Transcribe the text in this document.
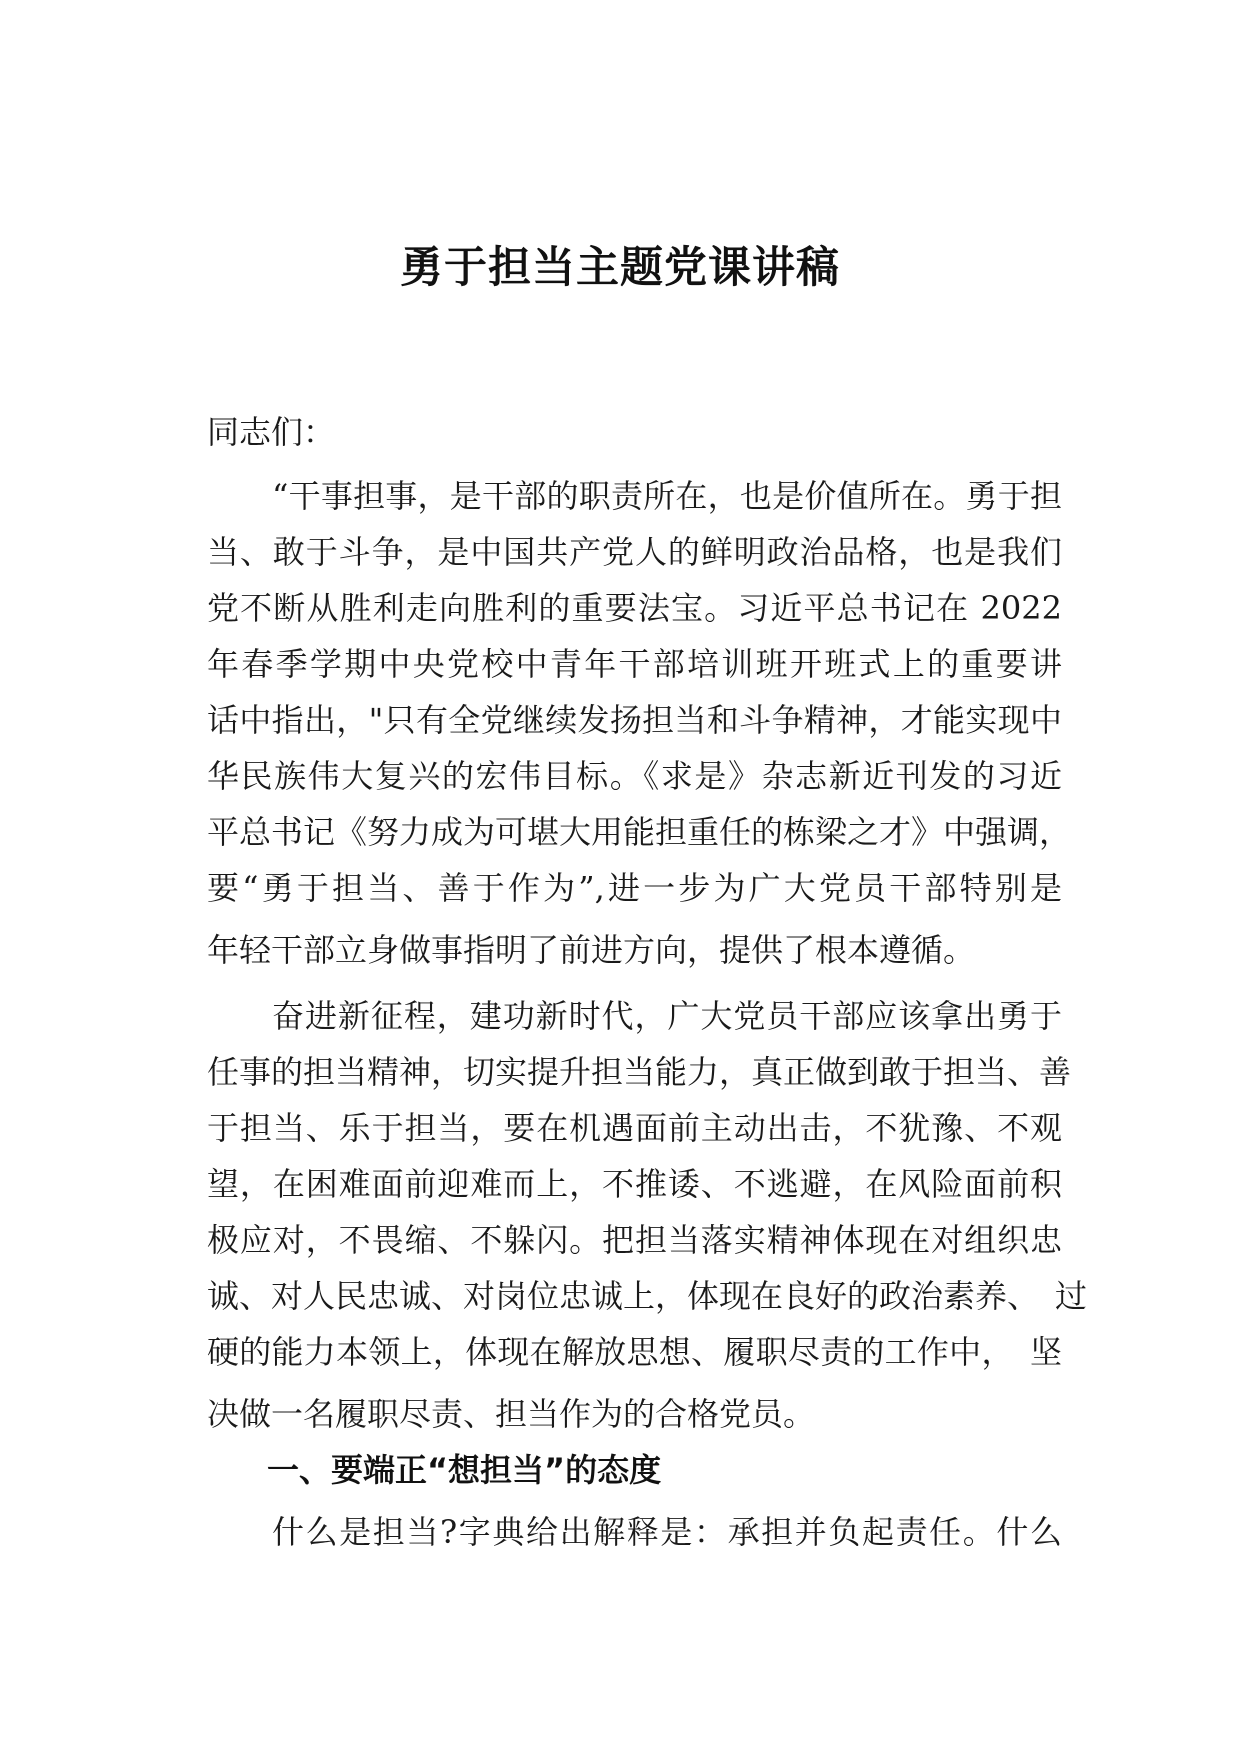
勇于担当主题党课讲稿
同志们：
“干事担事，是干部的职责所在，也是价值所在。勇于担
当、敢于斗争，是中国共产党人的鲜明政治品格，也是我们
党不断从胜利走向胜利的重要法宝。习近平总书记在 2022
年春季学期中央党校中青年干部培训班开班式上的重要讲
话中指出，"只有全党继续发扬担当和斗争精神，才能实现中
华民族伟大复兴的宏伟目标。《求是》杂志新近刊发的习近
平总书记《努力成为可堪大用能担重任的栋梁之才》中强调，
要“勇于担当、善于作为”,进一步为广大党员干部特别是
年轻干部立身做事指明了前进方向，提供了根本遵循。
奋进新征程，建功新时代，广大党员干部应该拿出勇于
任事的担当精神，切实提升担当能力，真正做到敢于担当、善
于担当、乐于担当，要在机遇面前主动出击，不犹豫、不观
望，在困难面前迎难而上，不推诿、不逃避，在风险面前积
极应对，不畏缩、不躲闪。把担当落实精神体现在对组织忠
诚、对人民忠诚、对岗位忠诚上，体现在良好的政治素养、　过
硬的能力本领上，体现在解放思想、履职尽责的工作中，　坚
决做一名履职尽责、担当作为的合格党员。
一、要端正“想担当”的态度
什么是担当?字典给出解释是：承担并负起责任。什么
